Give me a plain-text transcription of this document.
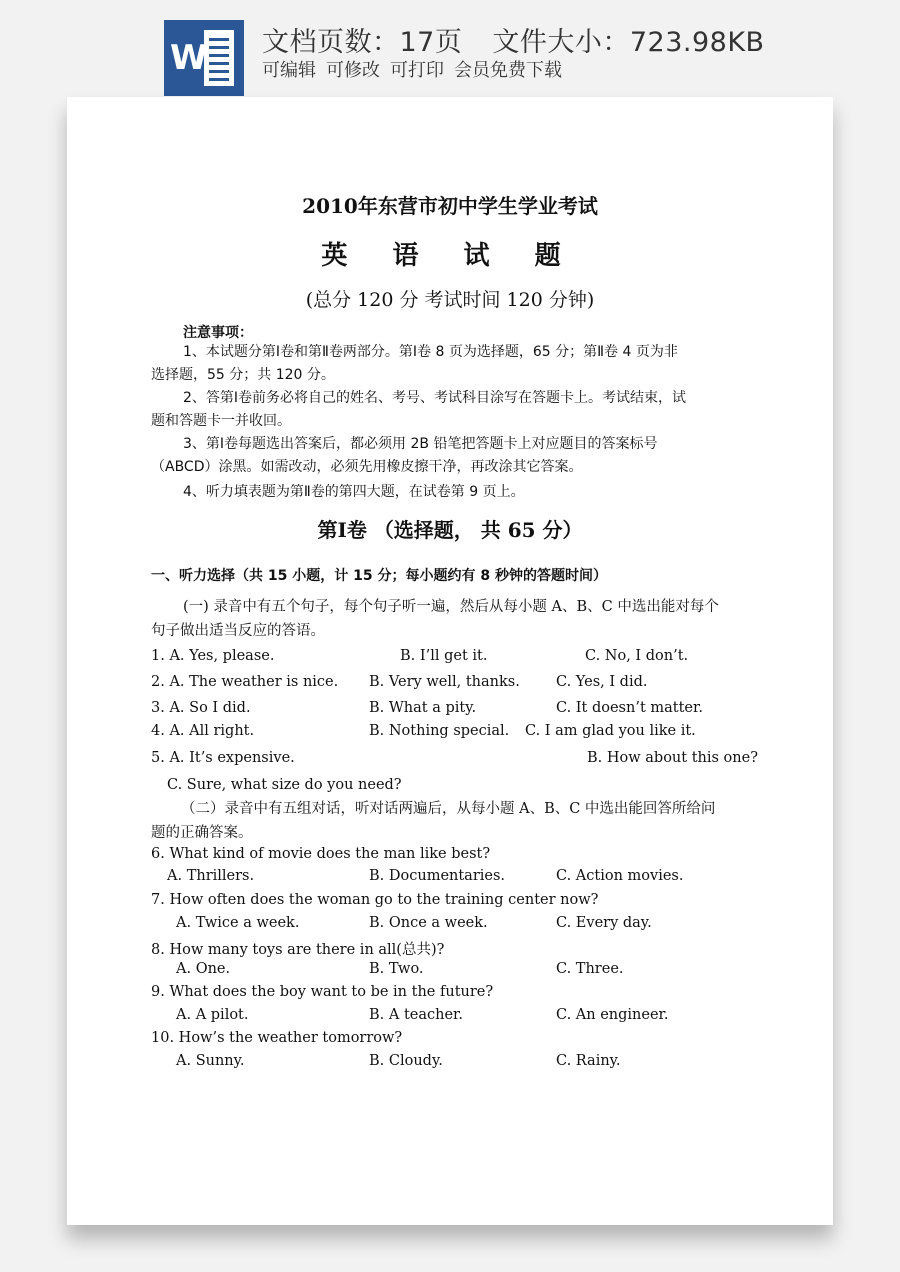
W 文档页数：17页 文件大小：723.98KB
可编辑 可修改 可打印 会员免费下载
2010年东营市初中学生学业考试
英 语 试 题
(总分 120 分 考试时间 120 分钟)
注意事项：
1、本试题分第Ⅰ卷和第Ⅱ卷两部分。第Ⅰ卷 8 页为选择题，65 分；第Ⅱ卷 4 页为非
选择题，55 分；共 120 分。
2、答第Ⅰ卷前务必将自己的姓名、考号、考试科目涂写在答题卡上。考试结束，试
题和答题卡一并收回。
3、第Ⅰ卷每题选出答案后，都必须用 2B 铅笔把答题卡上对应题目的答案标号
（ABCD）涂黑。如需改动，必须先用橡皮擦干净，再改涂其它答案。
4、听力填表题为第Ⅱ卷的第四大题，在试卷第 9 页上。
第Ⅰ卷 （选择题， 共 65 分）
一、听力选择（共 15 小题，计 15 分；每小题约有 8 秒钟的答题时间）
(一) 录音中有五个句子，每个句子听一遍，然后从每小题 A、B、C 中选出能对每个
句子做出适当反应的答语。
1. A. Yes, please.	B. I’ll get it.	C. No, I don’t.
2. A. The weather is nice. B. Very well, thanks. C. Yes, I did.
3. A. So I did.	B. What a pity.	C. It doesn’t matter.
4. A. All right.	B. Nothing special. C. I am glad you like it.
5. A. It’s expensive.	B. How about this one?
C. Sure, what size do you need?
（二）录音中有五组对话，听对话两遍后，从每小题 A、B、C 中选出能回答所给问
题的正确答案。
6. What kind of movie does the man like best?
A. Thrillers.	B. Documentaries.	C. Action movies.
7. How often does the woman go to the training center now?
A. Twice a week.	B. Once a week.	C. Every day.
8. How many toys are there in all(总共)?
A. One.	B. Two.	C. Three.
9. What does the boy want to be in the future?
A. A pilot.	B. A teacher.	C. An engineer.
10. How’s the weather tomorrow?
A. Sunny.	B. Cloudy.	C. Rainy.
